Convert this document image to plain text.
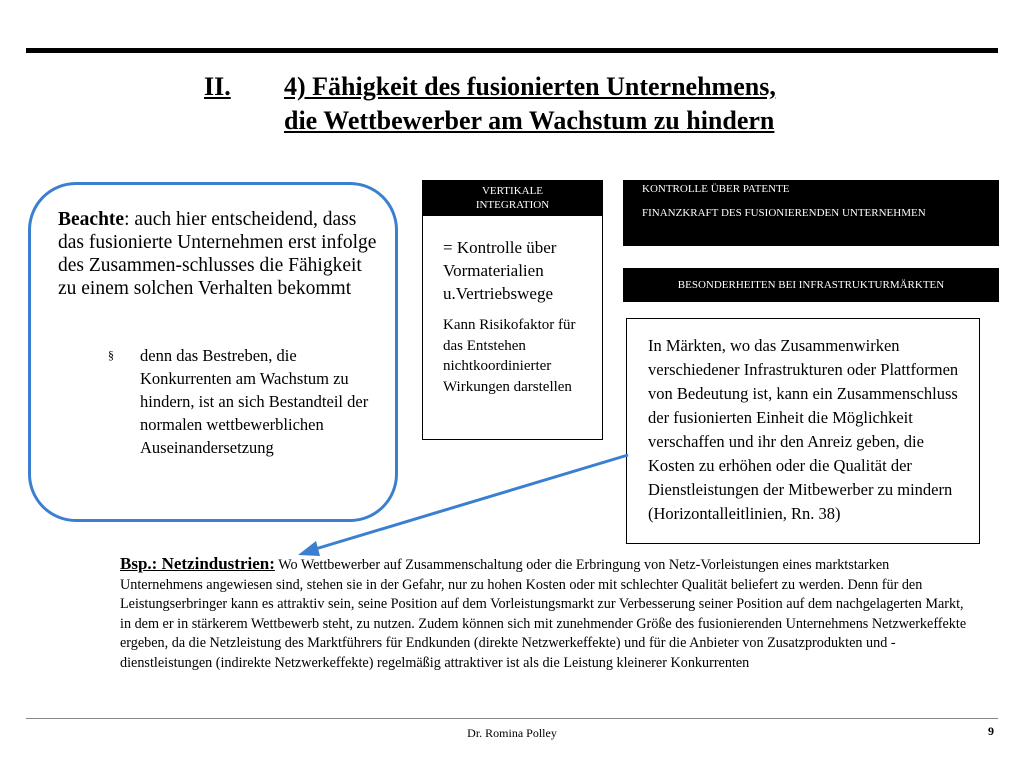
II. 4) Fähigkeit des fusionierten Unternehmens,
die Wettbewerber am Wachstum zu hindern
Beachte: auch hier entscheidend, dass das fusionierte Unternehmen erst infolge des Zusammen-schlusses die Fähigkeit zu einem solchen Verhalten bekommt
§ denn das Bestreben, die Konkurrenten am Wachstum zu hindern, ist an sich Bestandteil der normalen wettbewerblichen Auseinandersetzung
VERTIKALE
INTEGRATION
= Kontrolle über Vormaterialien u.Vertriebswege
Kann Risikofaktor für das Entstehen nichtkoordinierter Wirkungen darstellen
KONTROLLE ÜBER PATENTE
FINANZKRAFT DES FUSIONIERENDEN UNTERNEHMEN
BESONDERHEITEN BEI INFRASTRUKTURMÄRKTEN
In Märkten, wo das Zusammenwirken verschiedener Infrastrukturen oder Plattformen von Bedeutung ist, kann ein Zusammenschluss der fusionierten Einheit die Möglichkeit verschaffen und ihr den Anreiz geben, die Kosten zu erhöhen oder die Qualität der Dienstleistungen der Mitbewerber zu mindern (Horizontalleitlinien, Rn. 38)
Bsp.: Netzindustrien: Wo Wettbewerber auf Zusammenschaltung oder die Erbringung von Netz-Vorleistungen eines marktstarken Unternehmens angewiesen sind, stehen sie in der Gefahr, nur zu hohen Kosten oder mit schlechter Qualität beliefert zu werden. Denn für den Leistungserbringer kann es attraktiv sein, seine Position auf dem Vorleistungsmarkt zur Verbesserung seiner Position auf dem nachgelagerten Markt, in dem er in stärkerem Wettbewerb steht, zu nutzen. Zudem können sich mit zunehmender Größe des fusionierenden Unternehmens Netzwerkeffekte ergeben, da die Netzleistung des Marktführers für Endkunden (direkte Netzwerkeffekte) und für die Anbieter von Zusatzprodukten und -dienstleistungen (indirekte Netzwerkeffekte) regelmäßig attraktiver ist als die Leistung kleinerer Konkurrenten
Dr. Romina Polley	9
